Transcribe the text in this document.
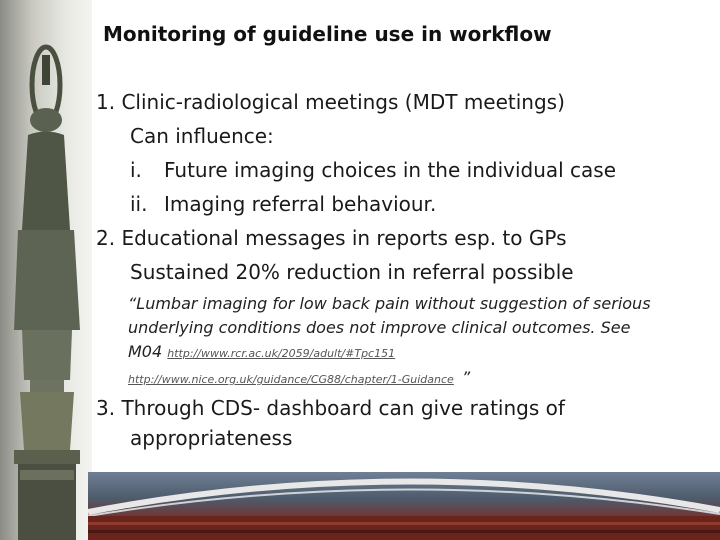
Monitoring of guideline use in workflow
1. Clinic-radiological meetings (MDT meetings)
Can influence:
i. Future imaging choices in the individual case
ii. Imaging referral behaviour.
2. Educational messages in reports esp. to GPs
Sustained 20% reduction in referral possible
“Lumbar imaging for low back pain without suggestion of serious
underlying conditions does not improve clinical outcomes. See
M04 http://www.rcr.ac.uk/2059/adult/#Tpc151
http://www.nice.org.uk/guidance/CG88/chapter/1-Guidance ”
3. Through CDS- dashboard can give ratings of
appropriateness
